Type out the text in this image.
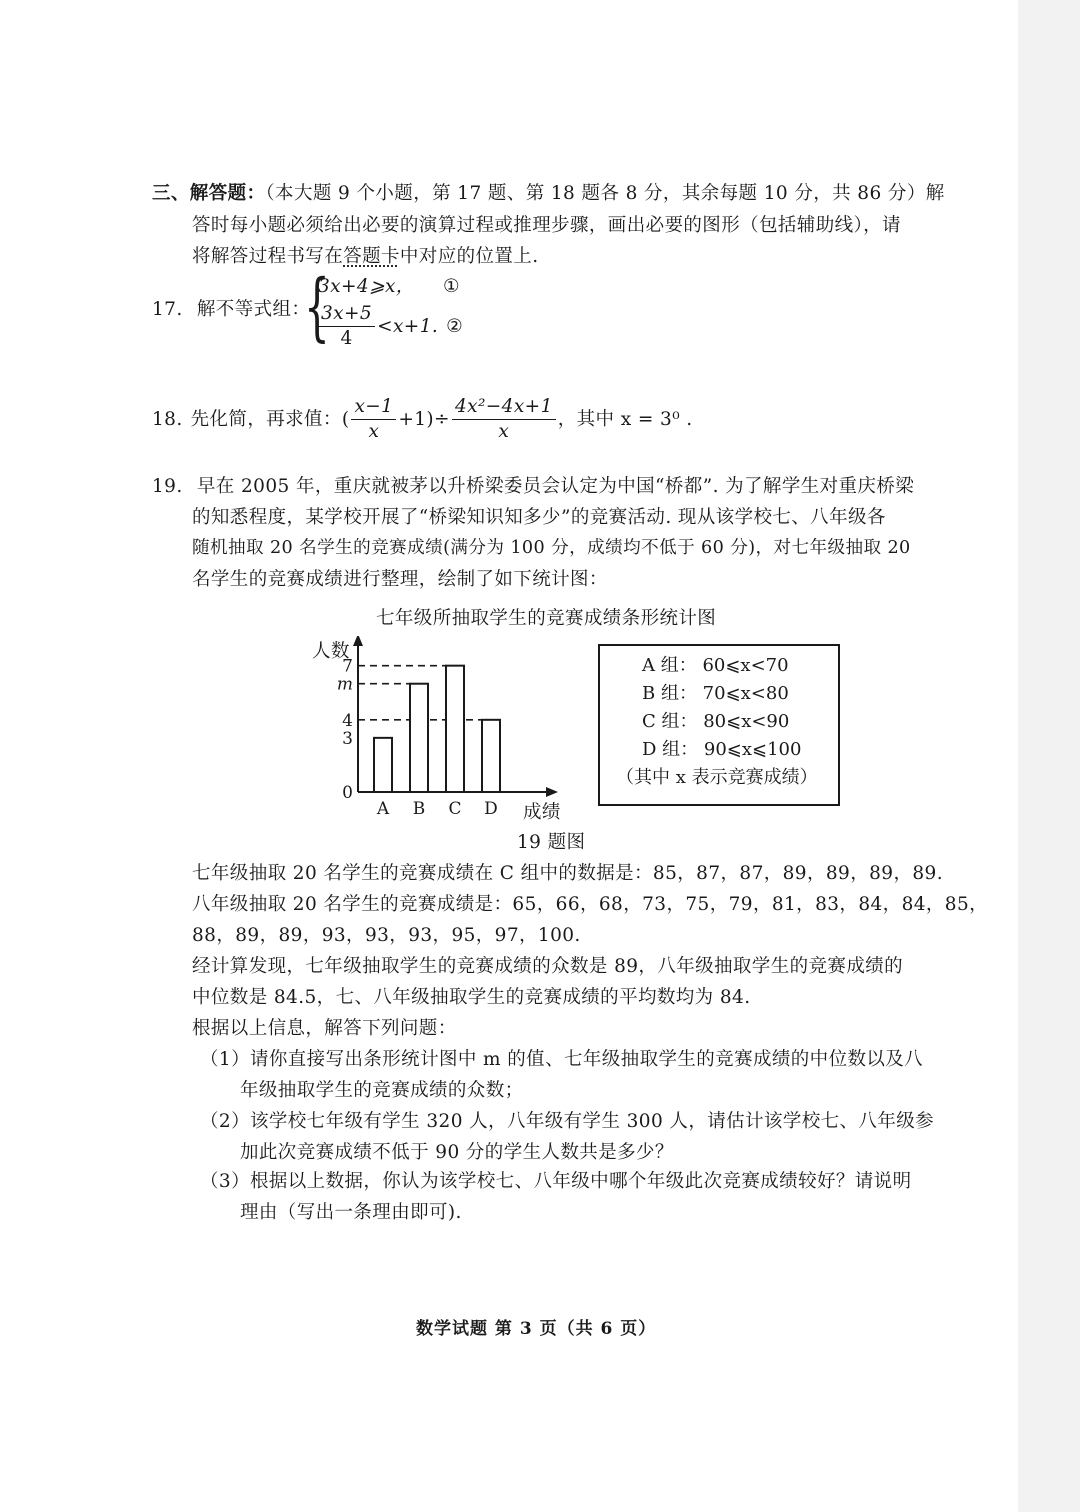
三、解答题：（本大题 9 个小题，第 17 题、第 18 题各 8 分，其余每题 10 分，共 86 分）解
答时每小题必须给出必要的演算过程或推理步骤，画出必要的图形（包括辅助线），请
将解答过程书写在答题卡中对应的位置上.
17. 解不等式组：
{
3x+4⩾x， ①
$\frac{3x+5}{4} <x+1$. ②
18. 先化简，再求值： ( $\frac{x-1}{x} +1)\div \frac{\text{4x²−4x+1}}{x}$ ，其中 x = 3⁰ .
19. 早在 2005 年，重庆就被茅以升桥梁委员会认定为中国“桥都”. 为了解学生对重庆桥梁
的知悉程度，某学校开展了“桥梁知识知多少”的竞赛活动. 现从该学校七、八年级各
随机抽取 20 名学生的竞赛成绩(满分为 100 分，成绩均不低于 60 分)，对七年级抽取 20
名学生的竞赛成绩进行整理，绘制了如下统计图：
七年级所抽取学生的竞赛成绩条形统计图
A B C D
0
3
4
m
7
人数
成绩
A 组： 60⩽x<70
B 组： 70⩽x<80
C 组： 80⩽x<90
D 组： 90⩽x⩽100
（其中 x 表示竞赛成绩）
19 题图
七年级抽取 20 名学生的竞赛成绩在 C 组中的数据是：85，87，87，89，89，89，89.
八年级抽取 20 名学生的竞赛成绩是：65，66，68，73，75，79，81，83，84，84，85，
88，89，89，93，93，93，95，97，100.
经计算发现，七年级抽取学生的竞赛成绩的众数是 89，八年级抽取学生的竞赛成绩的
中位数是 84.5，七、八年级抽取学生的竞赛成绩的平均数均为 84.
根据以上信息，解答下列问题：
（1）请你直接写出条形统计图中 m 的值、七年级抽取学生的竞赛成绩的中位数以及八
年级抽取学生的竞赛成绩的众数；
（2）该学校七年级有学生 320 人，八年级有学生 300 人，请估计该学校七、八年级参
加此次竞赛成绩不低于 90 分的学生人数共是多少？
（3）根据以上数据，你认为该学校七、八年级中哪个年级此次竞赛成绩较好？请说明
理由（写出一条理由即可).
数学试题 第 3 页（共 6 页）
